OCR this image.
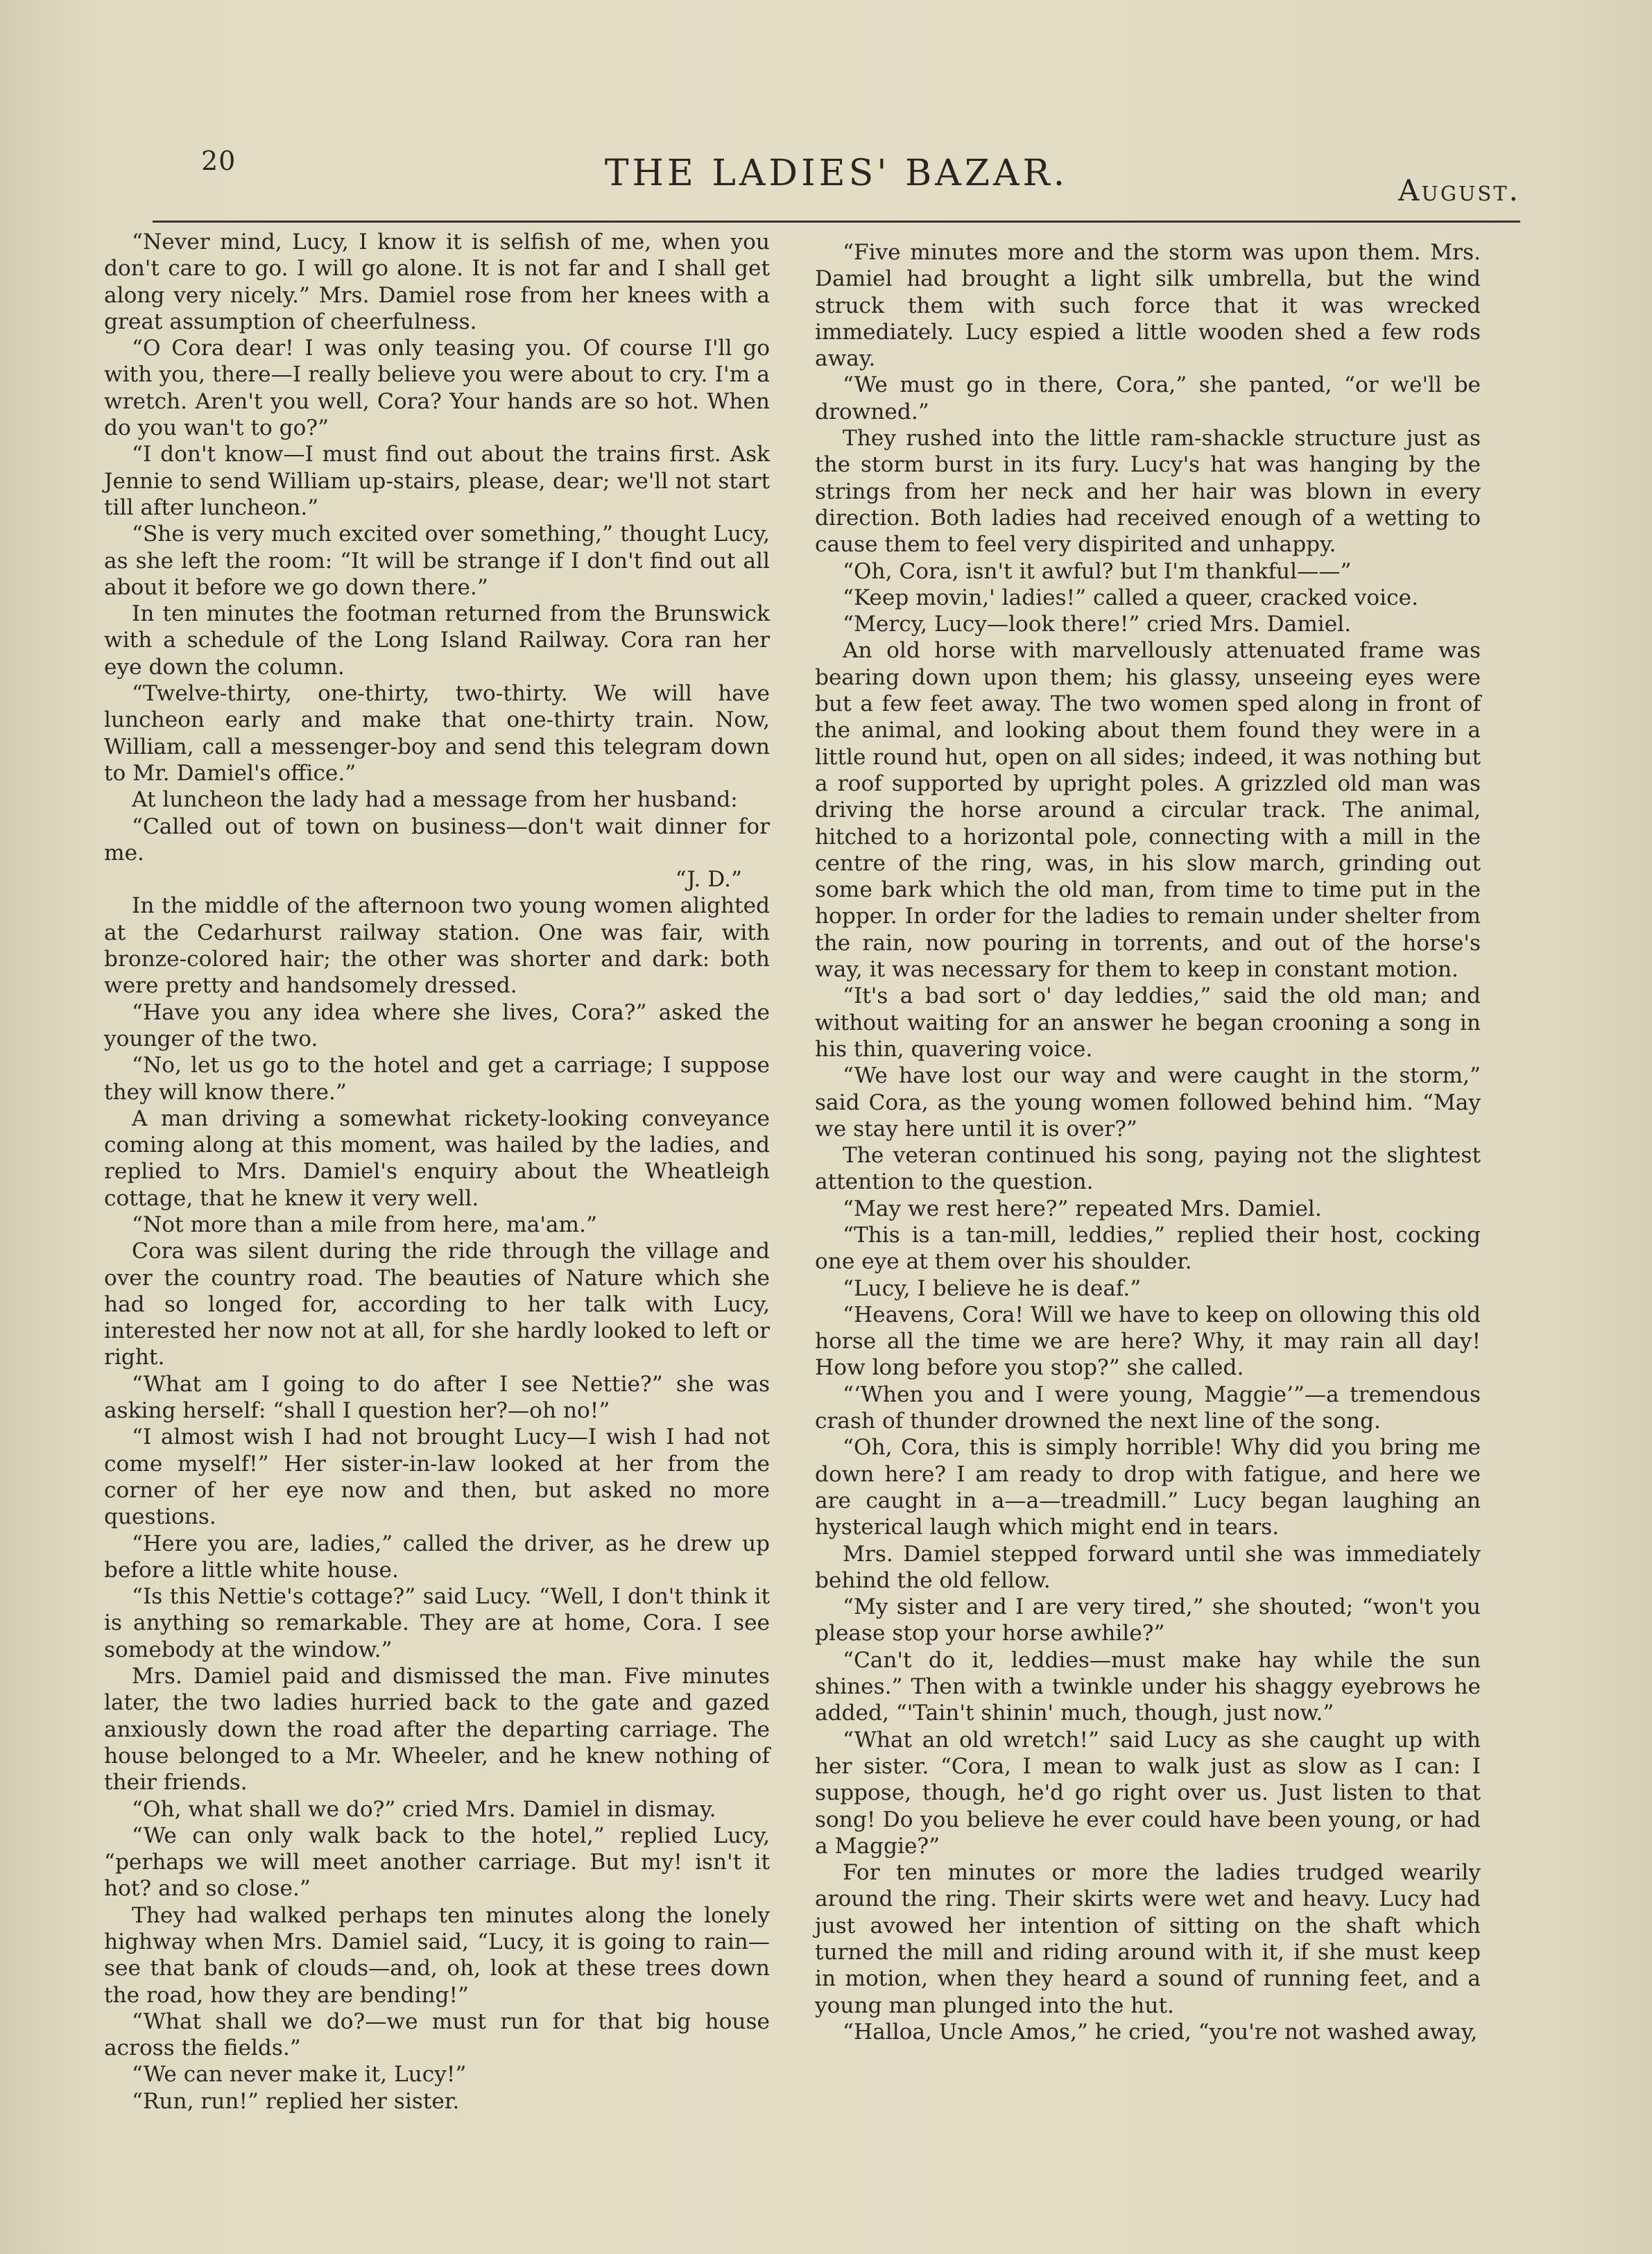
20	THE LADIES' BAZAR.	August.

“Never mind, Lucy, I know it is selfish of me, when you don't care to go. I will go alone. It is not far and I shall get along very nicely.” Mrs. Damiel rose from her knees with a great assumption of cheerfulness.

“O Cora dear! I was only teasing you. Of course I'll go with you, there—I really believe you were about to cry. I'm a wretch. Aren't you well, Cora? Your hands are so hot. When do you wan't to go?”

“I don't know—I must find out about the trains first. Ask Jennie to send William up-stairs, please, dear; we'll not start till after luncheon.”

“She is very much excited over something,” thought Lucy, as she left the room: “It will be strange if I don't find out all about it before we go down there.”

In ten minutes the footman returned from the Brunswick with a schedule of the Long Island Railway. Cora ran her eye down the column.

“Twelve-thirty, one-thirty, two-thirty. We will have luncheon early and make that one-thirty train. Now, William, call a messenger-boy and send this telegram down to Mr. Damiel's office.”

At luncheon the lady had a message from her husband:

“Called out of town on business—don't wait dinner for me.

“J. D.”

In the middle of the afternoon two young women alighted at the Cedarhurst railway station. One was fair, with bronze-colored hair; the other was shorter and dark: both were pretty and handsomely dressed.

“Have you any idea where she lives, Cora?” asked the younger of the two.

“No, let us go to the hotel and get a carriage; I suppose they will know there.”

A man driving a somewhat rickety-looking conveyance coming along at this moment, was hailed by the ladies, and replied to Mrs. Damiel's enquiry about the Wheatleigh cottage, that he knew it very well.

“Not more than a mile from here, ma'am.”

Cora was silent during the ride through the village and over the country road. The beauties of Nature which she had so longed for, according to her talk with Lucy, interested her now not at all, for she hardly looked to left or right.

“What am I going to do after I see Nettie?” she was asking herself: “shall I question her?—oh no!”

“I almost wish I had not brought Lucy—I wish I had not come myself!” Her sister-in-law looked at her from the corner of her eye now and then, but asked no more questions.

“Here you are, ladies,” called the driver, as he drew up before a little white house.

“Is this Nettie's cottage?” said Lucy. “Well, I don't think it is anything so remarkable. They are at home, Cora. I see somebody at the window.”

Mrs. Damiel paid and dismissed the man. Five minutes later, the two ladies hurried back to the gate and gazed anxiously down the road after the departing carriage. The house belonged to a Mr. Wheeler, and he knew nothing of their friends.

“Oh, what shall we do?” cried Mrs. Damiel in dismay.

“We can only walk back to the hotel,” replied Lucy, “perhaps we will meet another carriage. But my! isn't it hot? and so close.”

They had walked perhaps ten minutes along the lonely highway when Mrs. Damiel said, “Lucy, it is going to rain—see that bank of clouds—and, oh, look at these trees down the road, how they are bending!”

“What shall we do?—we must run for that big house across the fields.”

“We can never make it, Lucy!”

“Run, run!” replied her sister.

“Five minutes more and the storm was upon them. Mrs. Damiel had brought a light silk umbrella, but the wind struck them with such force that it was wrecked immediately. Lucy espied a little wooden shed a few rods away.

“We must go in there, Cora,” she panted, “or we'll be drowned.”

They rushed into the little ram-shackle structure just as the storm burst in its fury. Lucy's hat was hanging by the strings from her neck and her hair was blown in every direction. Both ladies had received enough of a wetting to cause them to feel very dispirited and unhappy.

“Oh, Cora, isn't it awful? but I'm thankful——”

“Keep movin,' ladies!” called a queer, cracked voice.

“Mercy, Lucy—look there!” cried Mrs. Damiel.

An old horse with marvellously attenuated frame was bearing down upon them; his glassy, unseeing eyes were but a few feet away. The two women sped along in front of the animal, and looking about them found they were in a little round hut, open on all sides; indeed, it was nothing but a roof supported by upright poles. A grizzled old man was driving the horse around a circular track. The animal, hitched to a horizontal pole, connecting with a mill in the centre of the ring, was, in his slow march, grinding out some bark which the old man, from time to time put in the hopper. In order for the ladies to remain under shelter from the rain, now pouring in torrents, and out of the horse's way, it was necessary for them to keep in constant motion.

“It's a bad sort o' day leddies,” said the old man; and without waiting for an answer he began crooning a song in his thin, quavering voice.

“We have lost our way and were caught in the storm,” said Cora, as the young women followed behind him. “May we stay here until it is over?”

The veteran continued his song, paying not the slightest attention to the question.

“May we rest here?” repeated Mrs. Damiel.

“This is a tan-mill, leddies,” replied their host, cocking one eye at them over his shoulder.

“Lucy, I believe he is deaf.”

“Heavens, Cora! Will we have to keep on ollowing this old horse all the time we are here? Why, it may rain all day! How long before you stop?” she called.

“‘When you and I were young, Maggie’”—a tremendous crash of thunder drowned the next line of the song.

“Oh, Cora, this is simply horrible! Why did you bring me down here? I am ready to drop with fatigue, and here we are caught in a—a—treadmill.” Lucy began laughing an hysterical laugh which might end in tears.

Mrs. Damiel stepped forward until she was immediately behind the old fellow.

“My sister and I are very tired,” she shouted; “won't you please stop your horse awhile?”

“Can't do it, leddies—must make hay while the sun shines.” Then with a twinkle under his shaggy eyebrows he added, “'Tain't shinin' much, though, just now.”

“What an old wretch!” said Lucy as she caught up with her sister. “Cora, I mean to walk just as slow as I can: I suppose, though, he'd go right over us. Just listen to that song! Do you believe he ever could have been young, or had a Maggie?”

For ten minutes or more the ladies trudged wearily around the ring. Their skirts were wet and heavy. Lucy had just avowed her intention of sitting on the shaft which turned the mill and riding around with it, if she must keep in motion, when they heard a sound of running feet, and a young man plunged into the hut.

“Halloa, Uncle Amos,” he cried, “you're not washed away,
